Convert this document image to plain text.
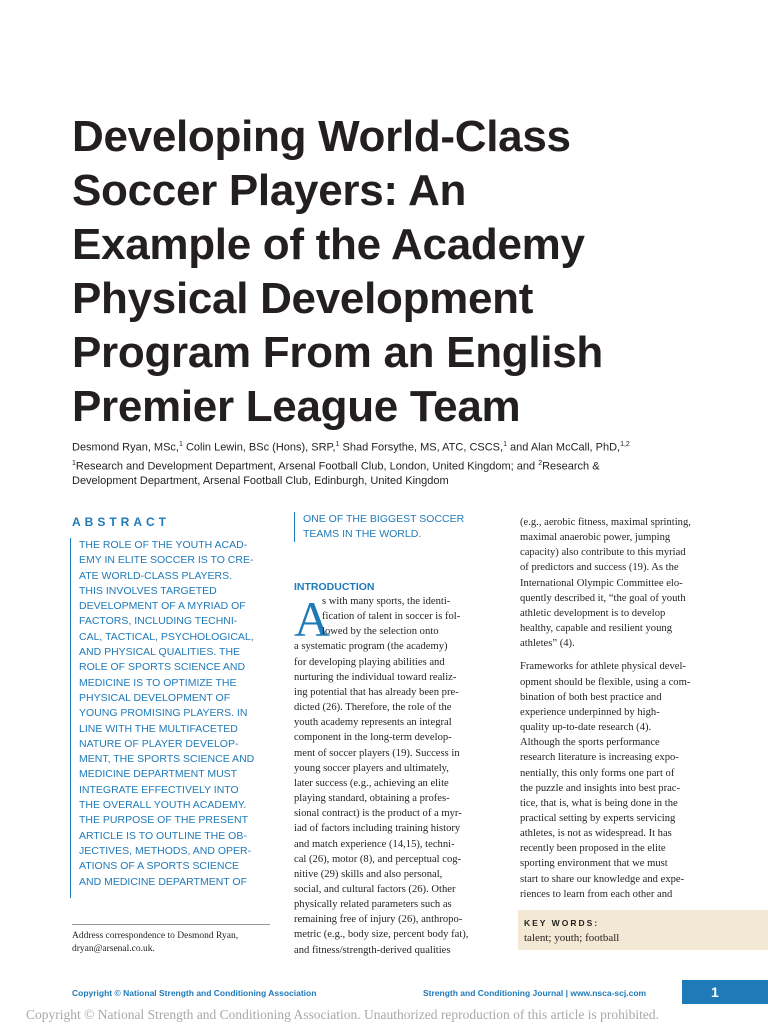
Developing World-Class
Soccer Players: An
Example of the Academy
Physical Development
Program From an English
Premier League Team
Desmond Ryan, MSc,$^1$ Colin Lewin, BSc (Hons), SRP,$^1$ Shad Forsythe, MS, ATC, CSCS,$^1$ and Alan McCall, PhD,$^{1,2}$
$^1$Research and Development Department, Arsenal Football Club, London, United Kingdom; and $^2$Research &
Development Department, Arsenal Football Club, Edinburgh, United Kingdom
ABSTRACT
THE ROLE OF THE YOUTH ACAD-
EMY IN ELITE SOCCER IS TO CRE-
ATE WORLD-CLASS PLAYERS.
THIS INVOLVES TARGETED
DEVELOPMENT OF A MYRIAD OF
FACTORS, INCLUDING TECHNI-
CAL, TACTICAL, PSYCHOLOGICAL,
AND PHYSICAL QUALITIES. THE
ROLE OF SPORTS SCIENCE AND
MEDICINE IS TO OPTIMIZE THE
PHYSICAL DEVELOPMENT OF
YOUNG PROMISING PLAYERS. IN
LINE WITH THE MULTIFACETED
NATURE OF PLAYER DEVELOP-
MENT, THE SPORTS SCIENCE AND
MEDICINE DEPARTMENT MUST
INTEGRATE EFFECTIVELY INTO
THE OVERALL YOUTH ACADEMY.
THE PURPOSE OF THE PRESENT
ARTICLE IS TO OUTLINE THE OB-
JECTIVES, METHODS, AND OPER-
ATIONS OF A SPORTS SCIENCE
AND MEDICINE DEPARTMENT OF
ONE OF THE BIGGEST SOCCER
TEAMS IN THE WORLD.
INTRODUCTION
A
s with many sports, the identi-
fication of talent in soccer is fol-
lowed by the selection onto
a systematic program (the academy)
for developing playing abilities and
nurturing the individual toward realiz-
ing potential that has already been pre-
dicted (26). Therefore, the role of the
youth academy represents an integral
component in the long-term develop-
ment of soccer players (19). Success in
young soccer players and ultimately,
later success (e.g., achieving an elite
playing standard, obtaining a profes-
sional contract) is the product of a myr-
iad of factors including training history
and match experience (14,15), techni-
cal (26), motor (8), and perceptual cog-
nitive (29) skills and also personal,
social, and cultural factors (26). Other
physically related parameters such as
remaining free of injury (26), anthropo-
metric (e.g., body size, percent body fat),
and fitness/strength-derived qualities
(e.g., aerobic fitness, maximal sprinting,
maximal anaerobic power, jumping
capacity) also contribute to this myriad
of predictors and success (19). As the
International Olympic Committee elo-
quently described it, “the goal of youth
athletic development is to develop
healthy, capable and resilient young
athletes” (4).
Frameworks for athlete physical devel-
opment should be flexible, using a com-
bination of both best practice and
experience underpinned by high-
quality up-to-date research (4).
Although the sports performance
research literature is increasing expo-
nentially, this only forms one part of
the puzzle and insights into best prac-
tice, that is, what is being done in the
practical setting by experts servicing
athletes, is not as widespread. It has
recently been proposed in the elite
sporting environment that we must
start to share our knowledge and expe-
riences to learn from each other and
Address correspondence to Desmond Ryan,
dryan@arsenal.co.uk.
KEY WORDS:
talent; youth; football
Copyright © National Strength and Conditioning Association	Strength and Conditioning Journal | www.nsca-scj.com	1
Copyright © National Strength and Conditioning Association. Unauthorized reproduction of this article is prohibited.
